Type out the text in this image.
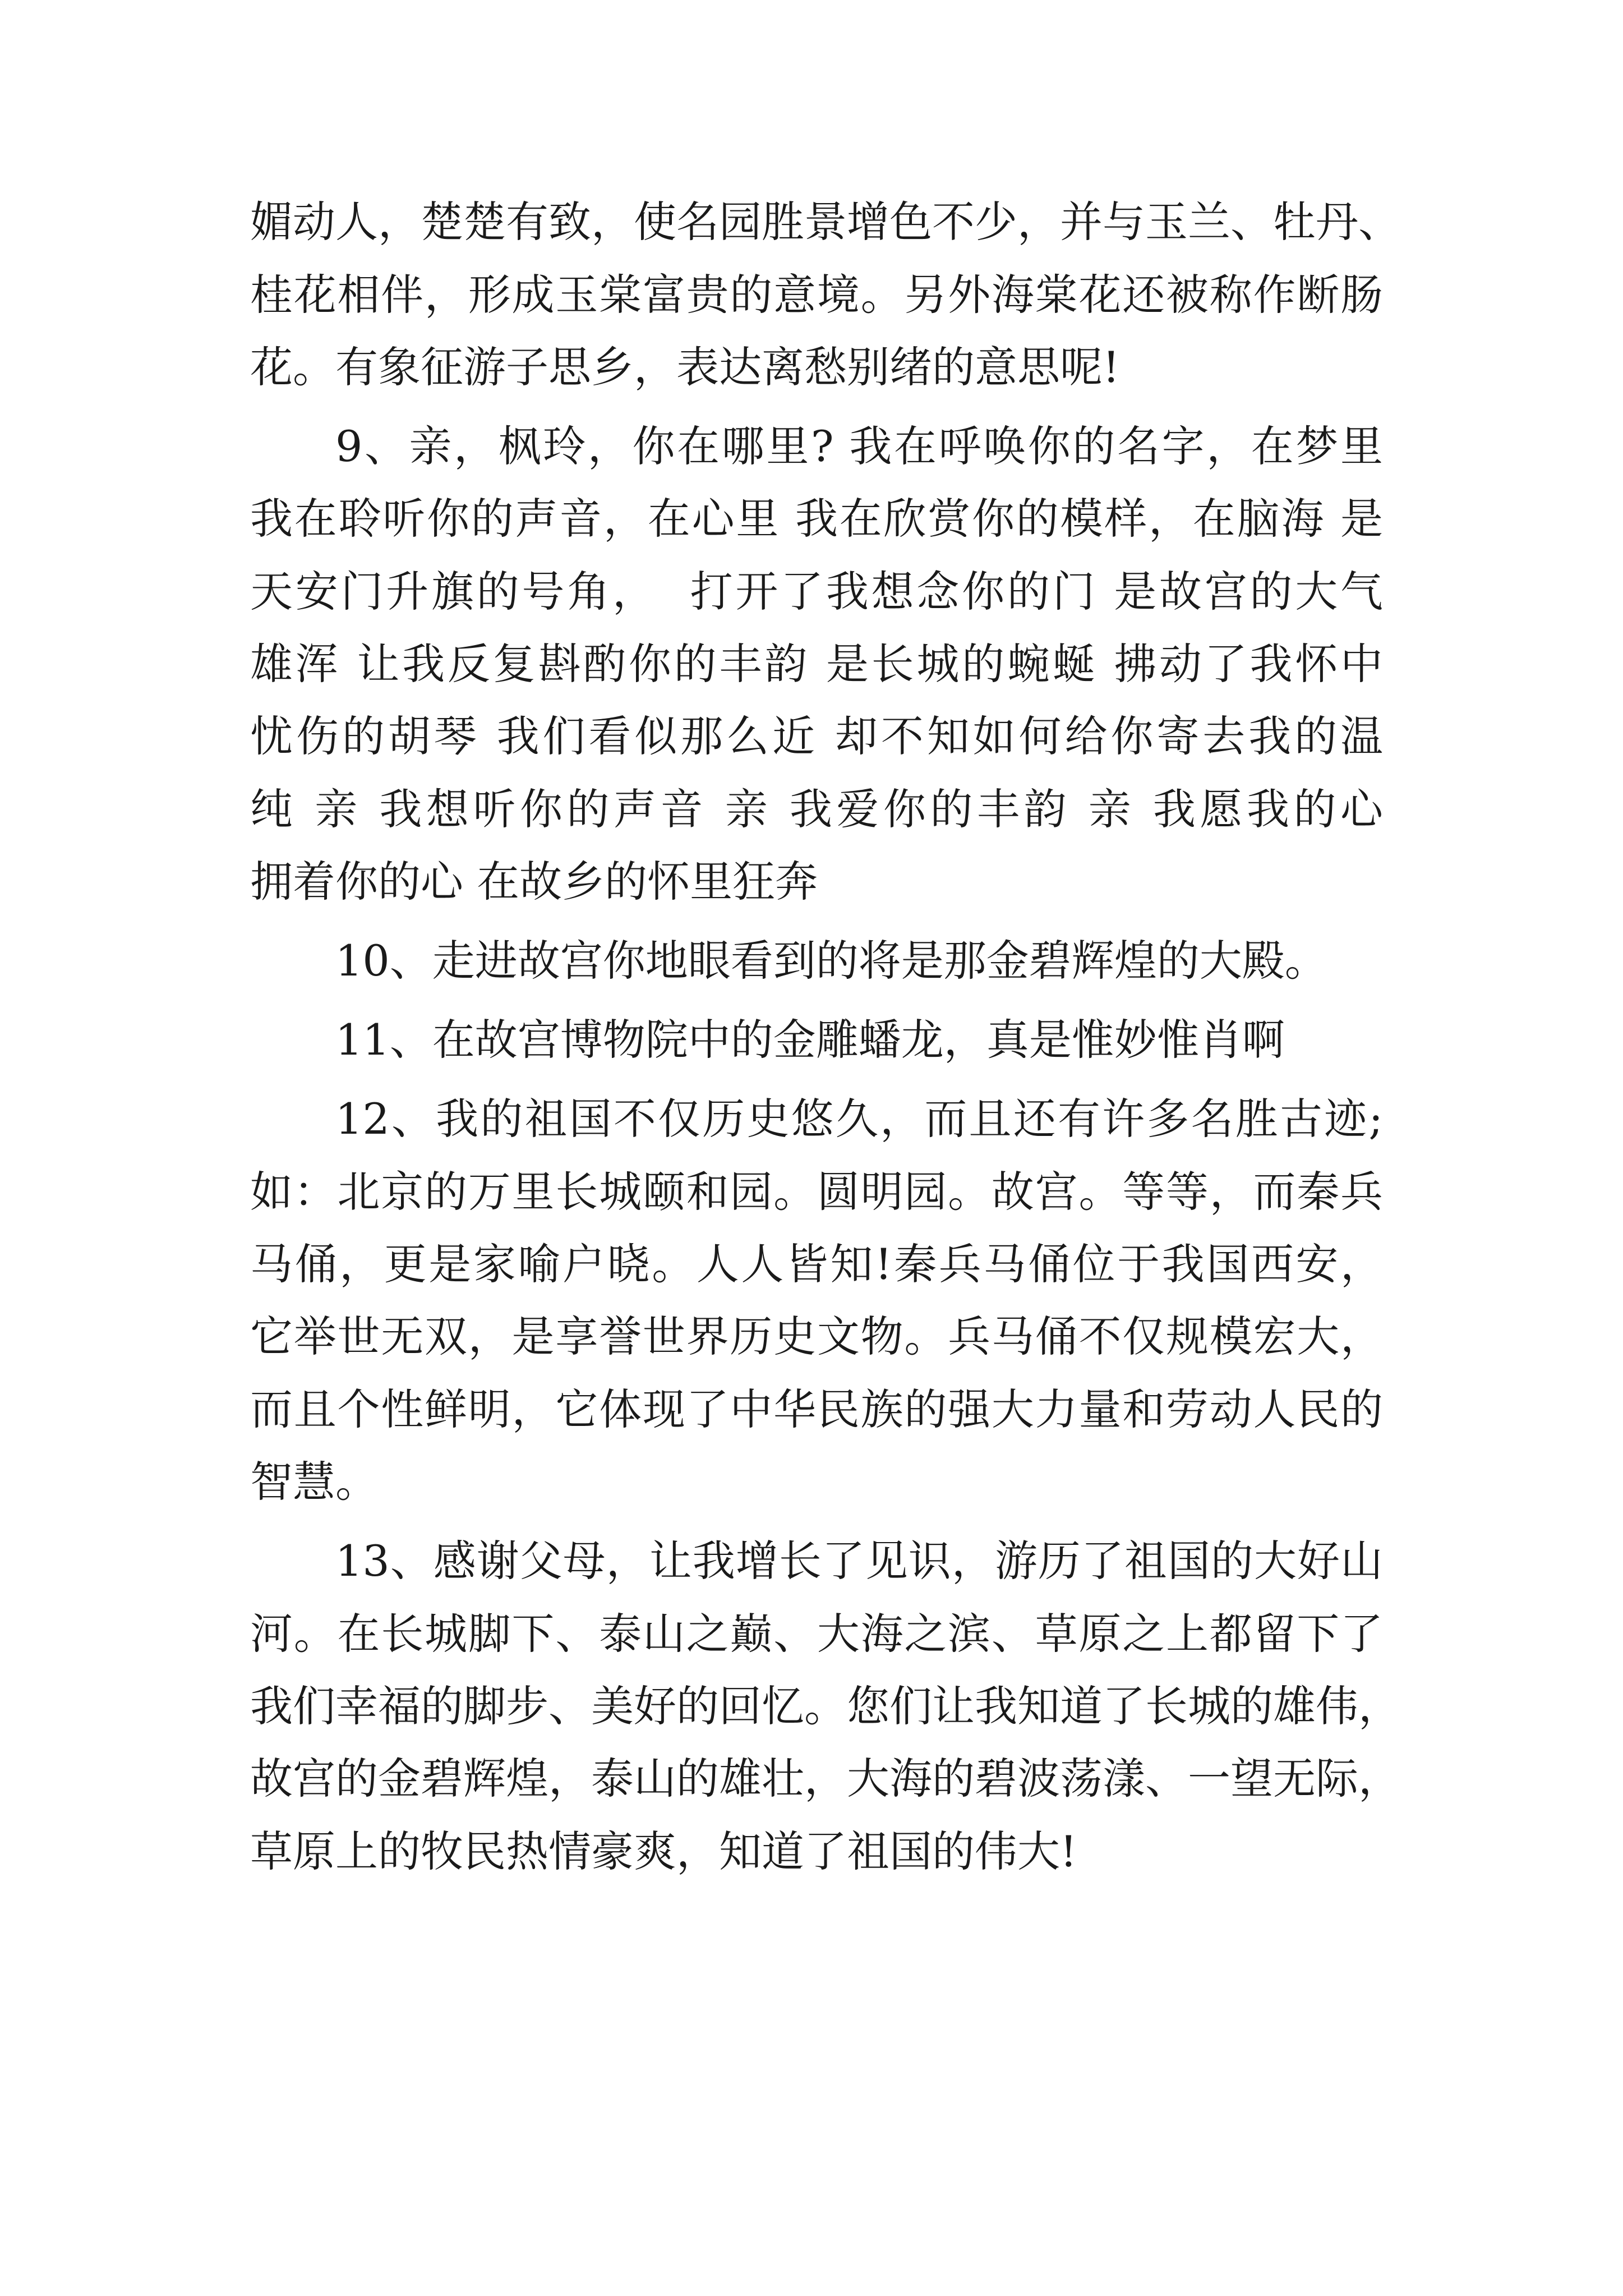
媚动人，楚楚有致，使名园胜景增色不少，并与玉兰、牡丹、
桂花相伴，形成玉棠富贵的意境。另外海棠花还被称作断肠
花。有象征游子思乡，表达离愁别绪的意思呢!
9、亲，枫玲，你在哪里? 我在呼唤你的名字，在梦里
我在聆听你的声音，在心里 我在欣赏你的模样，在脑海 是
天安门升旗的号角，  打开了我想念你的门 是故宫的大气
雄浑 让我反复斟酌你的丰韵 是长城的蜿蜒 拂动了我怀中
忧伤的胡琴 我们看似那么近 却不知如何给你寄去我的温
纯 亲 我想听你的声音 亲 我爱你的丰韵 亲 我愿我的心
拥着你的心 在故乡的怀里狂奔
10、走进故宫你地眼看到的将是那金碧辉煌的大殿。
11、在故宫博物院中的金雕蟠龙，真是惟妙惟肖啊
12、我的祖国不仅历史悠久，而且还有许多名胜古迹;
如：北京的万里长城颐和园。圆明园。故宫。等等，而秦兵
马俑，更是家喻户晓。人人皆知!秦兵马俑位于我国西安，
它举世无双，是享誉世界历史文物。兵马俑不仅规模宏大，
而且个性鲜明，它体现了中华民族的强大力量和劳动人民的
智慧。
13、感谢父母，让我增长了见识，游历了祖国的大好山
河。在长城脚下、泰山之巅、大海之滨、草原之上都留下了
我们幸福的脚步、美好的回忆。您们让我知道了长城的雄伟，
故宫的金碧辉煌，泰山的雄壮，大海的碧波荡漾、一望无际，
草原上的牧民热情豪爽，知道了祖国的伟大!
